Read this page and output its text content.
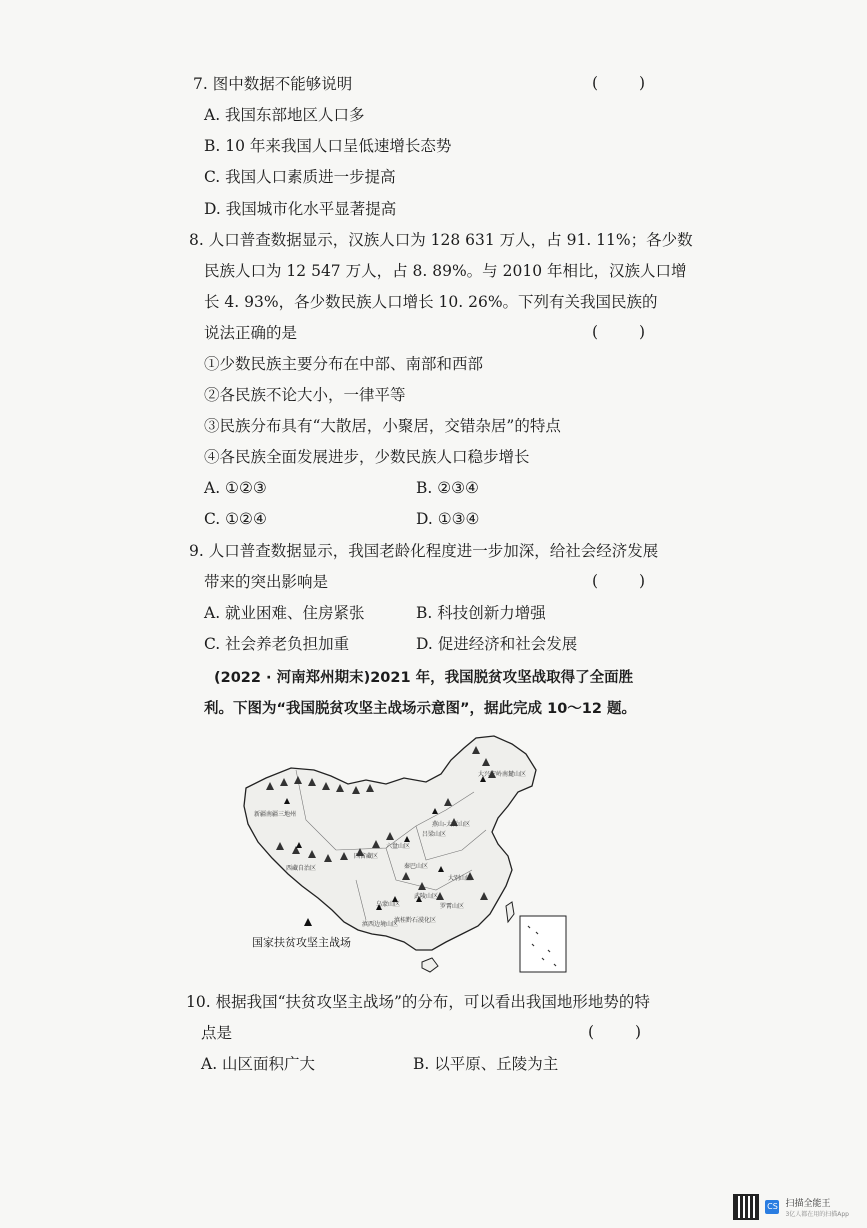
7. 图中数据不能够说明	( )
A. 我国东部地区人口多
B. 10 年来我国人口呈低速增长态势
C. 我国人口素质进一步提高
D. 我国城市化水平显著提高
8. 人口普查数据显示，汉族人口为 128 631 万人，占 91. 11%；各少数
民族人口为 12 547 万人，占 8. 89%。与 2010 年相比，汉族人口增
长 4. 93%，各少数民族人口增长 10. 26%。下列有关我国民族的
说法正确的是	( )
①少数民族主要分布在中部、南部和西部
②各民族不论大小，一律平等
③民族分布具有“大散居，小聚居，交错杂居”的特点
④各民族全面发展进步，少数民族人口稳步增长
A. ①②③	B. ②③④
C. ①②④	D. ①③④
9. 人口普查数据显示，我国老龄化程度进一步加深，给社会经济发展
带来的突出影响是	( )
A. 就业困难、住房紧张	B. 科技创新力增强
C. 社会养老负担加重	D. 促进经济和社会发展
(2022 · 河南郑州期末)2021 年，我国脱贫攻坚战取得了全面胜
利。下图为“我国脱贫攻坚主战场示意图”，据此完成 10～12 题。
大兴安岭南麓山区
新疆南疆三地州
燕山-太行山区
吕梁山区
六盘山区
四省藏区
西藏自治区	秦巴山区
大别山区
乌蒙山区
武陵山区
罗霄山区
滇西边境山区
滇桂黔石漠化区
国家扶贫攻坚主战场
10. 根据我国“扶贫攻坚主战场”的分布，可以看出我国地形地势的特
点是	( )
A. 山区面积广大	B. 以平原、丘陵为主
CS 扫描全能王
3亿人都在用的扫描App
